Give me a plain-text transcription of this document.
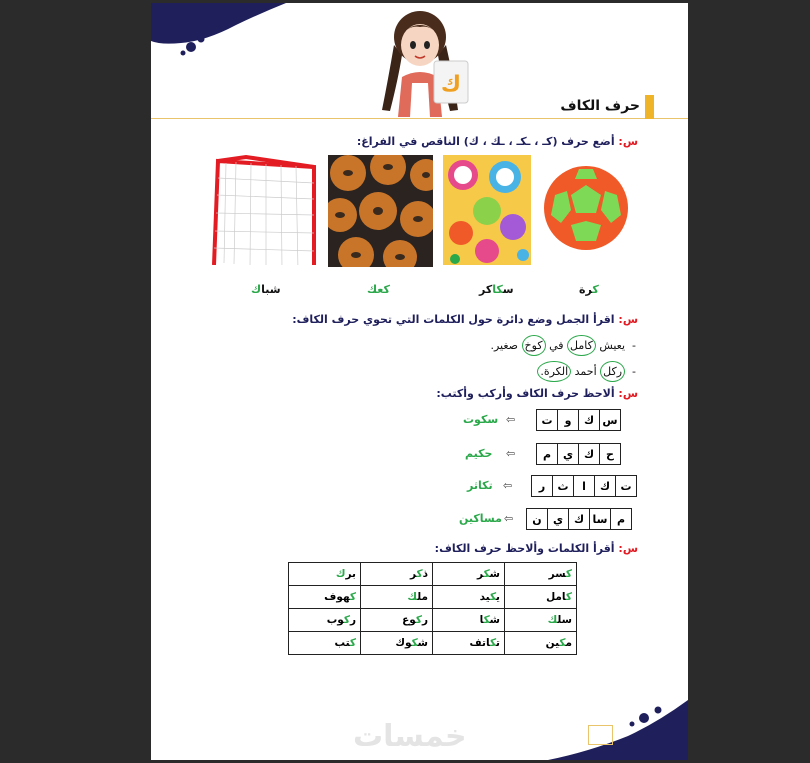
ك
حرف الكاف
س: أضع حرف (كـ ، ـكـ ، ـك ، ك) الناقص في الفراغ:
كرة
سكاكر
كعك
شباك
س: اقرأ الجمل وضع دائرة حول الكلمات التي تحوي حرف الكاف:
-  يعيش كامل في كوخ صغير.
-  ركل أحمد الكرة.
س: ألاحظ حرف الكاف وأركب وأكتب:
س	ك	و	ت
⇦
سكوت
ح	ك	ي	م
⇦
حكيم
ت	ك	ا	ث	ر
⇦
تكاثر
م	سا	ك	ي	ن
⇦
مساكين
س: أقرأ الكلمات وألاحظ حرف الكاف:
كسر	شكر	ذكر	برك
كامل	يكيد	ملك	كهوف
سلك	شكا	ركوع	ركوب
مكين	تكاتف	شكوك	كتب
خمسات	22
